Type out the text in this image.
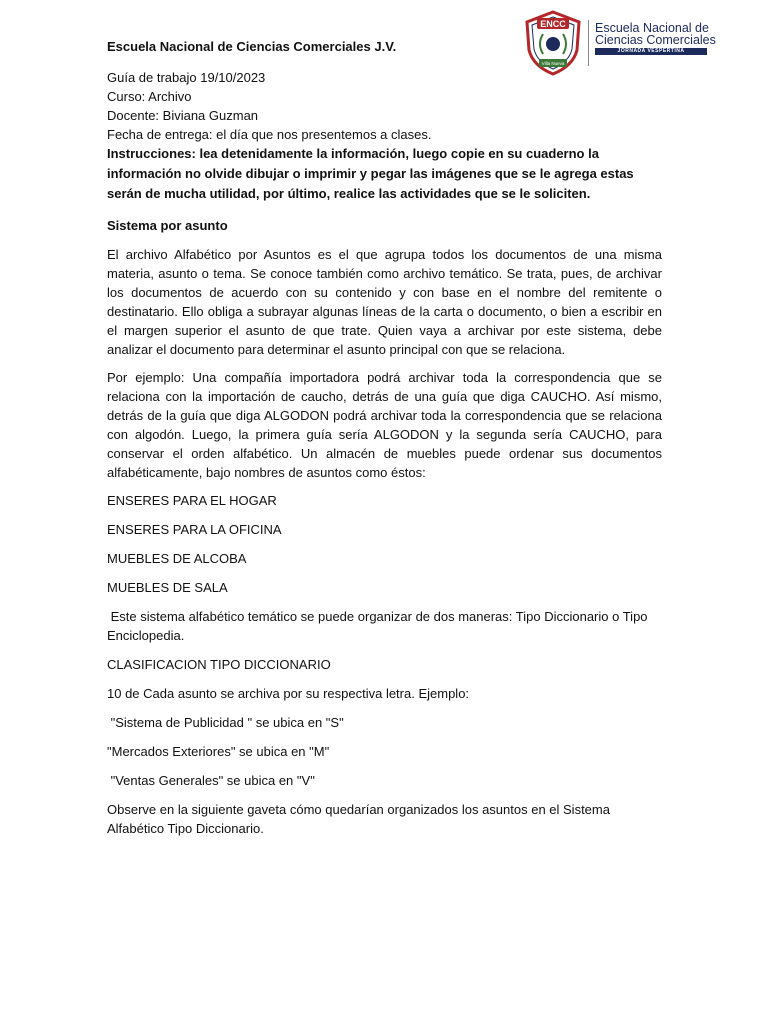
ENCC
Villa Nueva
Escuela Nacional de
Ciencias Comerciales
JORNADA VESPERTINA
Escuela Nacional de Ciencias Comerciales J.V.
Guía de trabajo 19/10/2023
Curso: Archivo
Docente: Biviana Guzman
Fecha de entrega: el día que nos presentemos a clases.
Instrucciones: lea detenidamente la información, luego copie en su cuaderno la información no olvide dibujar o imprimir y pegar las imágenes que se le agrega estas serán de mucha utilidad, por último, realice las actividades que se le soliciten.
Sistema por asunto
El archivo Alfabético por Asuntos es el que agrupa todos los documentos de una misma materia, asunto o tema. Se conoce también como archivo temático. Se trata, pues, de archivar los documentos de acuerdo con su contenido y con base en el nombre del remitente o destinatario. Ello obliga a subrayar algunas líneas de la carta o documento, o bien a escribir en el margen superior el asunto de que trate. Quien vaya a archivar por este sistema, debe analizar el documento para determinar el asunto principal con que se relaciona.
Por ejemplo: Una compañía importadora podrá archivar toda la correspondencia que se relaciona con la importación de caucho, detrás de una guía que diga CAUCHO. Así mismo, detrás de la guía que diga ALGODON podrá archivar toda la correspondencia que se relaciona con algodón. Luego, la primera guía sería ALGODON y la segunda sería CAUCHO, para conservar el orden alfabético. Un almacén de muebles puede ordenar sus documentos alfabéticamente, bajo nombres de asuntos como éstos:
ENSERES PARA EL HOGAR
ENSERES PARA LA OFICINA
MUEBLES DE ALCOBA
MUEBLES DE SALA
Este sistema alfabético temático se puede organizar de dos maneras: Tipo Diccionario o Tipo Enciclopedia.
CLASIFICACION TIPO DICCIONARIO
10 de Cada asunto se archiva por su respectiva letra. Ejemplo:
"Sistema de Publicidad " se ubica en "S"
"Mercados Exteriores" se ubica en "M"
"Ventas Generales" se ubica en "V"
Observe en la siguiente gaveta cómo quedarían organizados los asuntos en el Sistema Alfabético Tipo Diccionario.
